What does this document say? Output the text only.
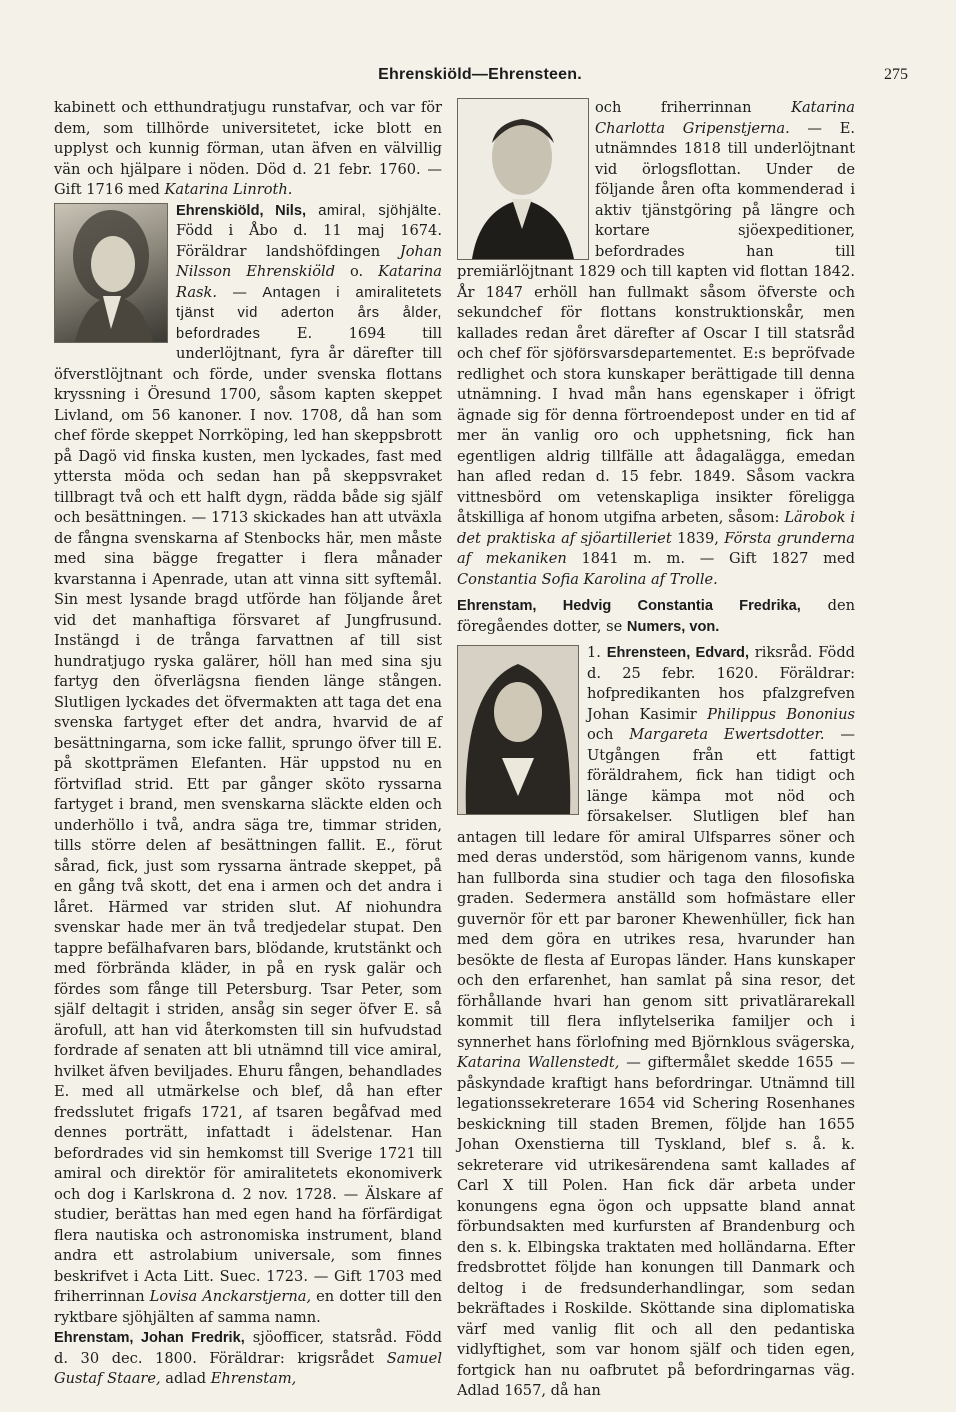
Ehrenskiöld—Ehrensteen.	275

kabinett och etthundratjugu runstafvar, och var för dem, som tillhörde universitetet, icke blott en upplyst och kunnig förman, utan äfven en välvillig vän och hjälpare i nöden. Död d. 21 febr. 1760. — Gift 1716 med Katarina Linroth.

Ehrenskiöld, Nils, amiral, sjöhjälte.
Född i Åbo d. 11 maj 1674. Föräldrar landshöfdingen Johan Nilsson Ehrenskiöld o. Katarina Rask. — Antagen i amiralitetets tjänst vid aderton års ålder, befordrades E. 1694 till underlöjtnant, fyra år därefter till öfverstlöjtnant och förde, under svenska flottans kryssning i Öresund 1700, såsom kapten skeppet Livland, om 56 kanoner. I nov. 1708, då han som chef förde skeppet Norrköping, led han skeppsbrott på Dagö vid finska kusten, men lyckades, fast med yttersta möda och sedan han på skeppsvraket tillbragt två och ett halft dygn, rädda både sig själf och besättningen. — 1713 skickades han att utväxla de fångna svenskarna af Stenbocks här, men måste med sina bägge fregatter i flera månader kvarstanna i Apenrade, utan att vinna sitt syftemål. Sin mest lysande bragd utförde han följande året vid det manhaftiga försvaret af Jungfrusund. Instängd i de trånga farvattnen af till sist hundratjugo ryska galärer, höll han med sina sju fartyg den öfverlägsna fienden länge stången. Slutligen lyckades det öfvermakten att taga det ena svenska fartyget efter det andra, hvarvid de af besättningarna, som icke fallit, sprungo öfver till E. på skottprämen Elefanten. Här uppstod nu en förtviflad strid. Ett par gånger sköto ryssarna fartyget i brand, men svenskarna släckte elden och underhöllo i två, andra säga tre, timmar striden, tills större delen af besättningen fallit. E., förut sårad, fick, just som ryssarna äntrade skeppet, på en gång två skott, det ena i armen och det andra i låret. Härmed var striden slut. Af niohundra svenskar hade mer än två tredjedelar stupat. Den tappre befälhafvaren bars, blödande, krutstänkt och med förbrända kläder, in på en rysk galär och fördes som fånge till Petersburg. Tsar Peter, som själf deltagit i striden, ansåg sin seger öfver E. så ärofull, att han vid återkomsten till sin hufvudstad fordrade af senaten att bli utnämnd till vice amiral, hvilket äfven beviljades. Ehuru fången, behandlades E. med all utmärkelse och blef, då han efter fredsslutet frigafs 1721, af tsaren begåfvad med dennes porträtt, infattadt i ädelstenar. Han befordrades vid sin hemkomst till Sverige 1721 till amiral och direktör för amiralitetets ekonomiverk och dog i Karlskrona d. 2 nov. 1728. — Älskare af studier, berättas han med egen hand ha förfärdigat flera nautiska och astronomiska instrument, bland andra ett astrolabium universale, som finnes beskrifvet i Acta Litt. Suec. 1723. — Gift 1703 med friherrinnan Lovisa Anckarstjerna, en dotter till den ryktbare sjöhjälten af samma namn.

Ehrenstam, Johan Fredrik, sjöofficer, statsråd. Född d. 30 dec. 1800. Föräldrar: krigsrådet Samuel Gustaf Staare, adlad Ehrenstam,

och friherrinnan Katarina Charlotta Gripenstjerna. — E. utnämndes 1818 till underlöjtnant vid örlogsflottan. Under de följande åren ofta kommenderad i aktiv tjänstgöring på längre och kortare sjöexpeditioner, befordrades han till premiärlöjtnant 1829 och till kapten vid flottan 1842. År 1847 erhöll han fullmakt såsom öfverste och sekundchef för flottans konstruktionskår, men kallades redan året därefter af Oscar I till statsråd och chef för sjöförsvarsdepartementet. E:s bepröfvade redlighet och stora kunskaper berättigade till denna utnämning. I hvad mån hans egenskaper i öfrigt ägnade sig för denna förtroendepost under en tid af mer än vanlig oro och upphetsning, fick han egentligen aldrig tillfälle att ådagalägga, emedan han afled redan d. 15 febr. 1849. Såsom vackra vittnesbörd om vetenskapliga insikter föreligga åtskilliga af honom utgifna arbeten, såsom: Lärobok i det praktiska af sjöartilleriet 1839, Första grunderna af mekaniken 1841 m. m. — Gift 1827 med Constantia Sofia Karolina af Trolle.

Ehrenstam, Hedvig Constantia Fredrika, den föregåendes dotter, se Numers, von.

1. Ehrensteen, Edvard,
riksråd. Född d. 25 febr. 1620. Föräldrar: hofpredikanten hos pfalzgrefven Johan Kasimir Philippus Bononius och Margareta Ewertsdotter. — Utgången från ett fattigt föräldrahem, fick han tidigt och länge kämpa mot nöd och försakelser. Slutligen blef han antagen till ledare för amiral Ulfsparres söner och med deras understöd, som härigenom vanns, kunde han fullborda sina studier och taga den filosofiska graden. Sedermera anställd som hofmästare eller guvernör för ett par baroner Khewenhüller, fick han med dem göra en utrikes resa, hvarunder han besökte de flesta af Europas länder. Hans kunskaper och den erfarenhet, han samlat på sina resor, det förhållande hvari han genom sitt privatlärarekall kommit till flera inflytelserika familjer och i synnerhet hans förlofning med Björnklous svägerska, Katarina Wallenstedt, — giftermålet skedde 1655 — påskyndade kraftigt hans befordringar. Utnämnd till legationssekreterare 1654 vid Schering Rosenhanes beskickning till staden Bremen, följde han 1655 Johan Oxenstierna till Tyskland, blef s. å. k. sekreterare vid utrikesärendena samt kallades af Carl X till Polen. Han fick där arbeta under konungens egna ögon och uppsatte bland annat förbundsakten med kurfursten af Brandenburg och den s. k. Elbingska traktaten med holländarna. Efter fredsbrottet följde han konungen till Danmark och deltog i de fredsunderhandlingar, som sedan bekräftades i Roskilde. Sköttande sina diplomatiska värf med vanlig flit och all den pedantiska vidlyftighet, som var honom själf och tiden egen, fortgick han nu oafbrutet på befordringarnas väg. Adlad 1657, då han
